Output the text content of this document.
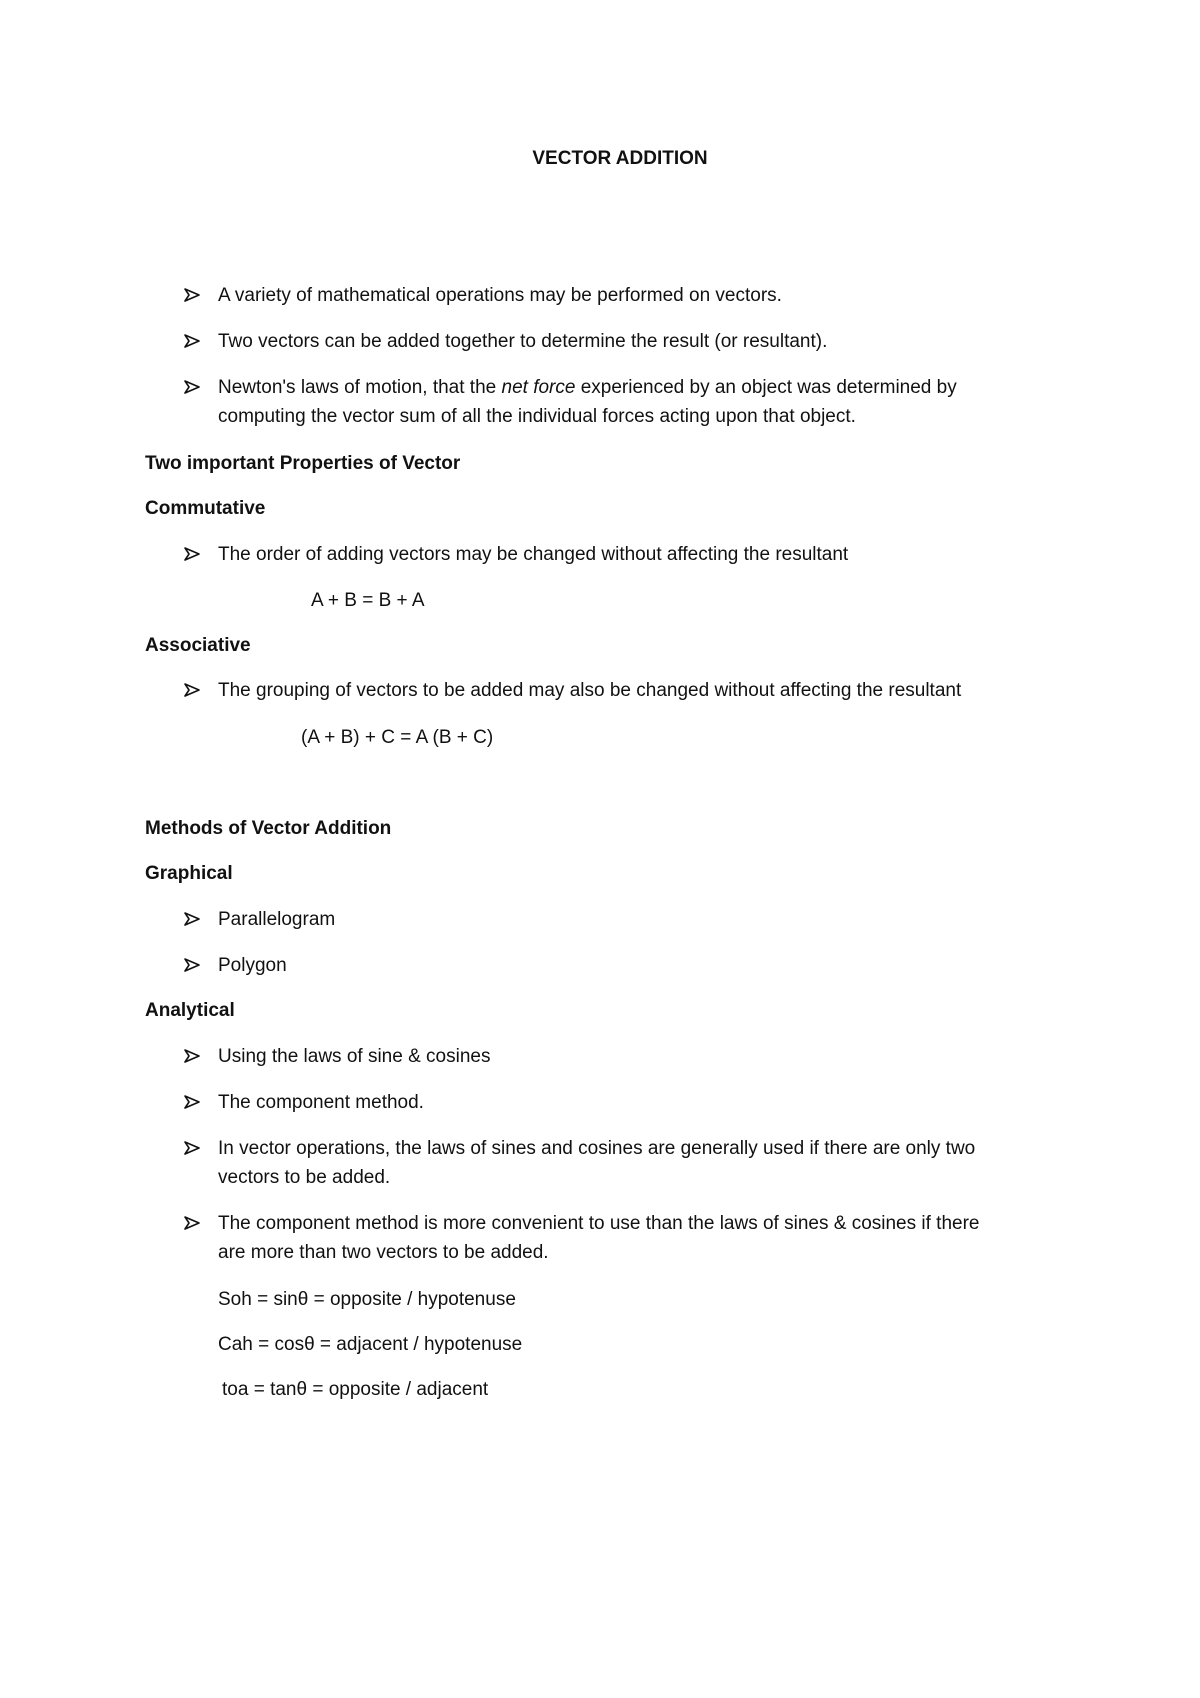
VECTOR ADDITION
A variety of mathematical operations may be performed on vectors.
Two vectors can be added together to determine the result (or resultant).
Newton's laws of motion, that the net force experienced by an object was determined by
computing the vector sum of all the individual forces acting upon that object.
Two important Properties of Vector
Commutative
The order of adding vectors may be changed without affecting the resultant
A + B = B + A
Associative
The grouping of vectors to be added may also be changed without affecting the resultant
(A + B) + C = A (B + C)
Methods of Vector Addition
Graphical
Parallelogram
Polygon
Analytical
Using the laws of sine & cosines
The component method.
In vector operations, the laws of sines and cosines are generally used if there are only two
vectors to be added.
The component method is more convenient to use than the laws of sines & cosines if there
are more than two vectors to be added.
Soh = sinθ = opposite / hypotenuse
Cah = cosθ = adjacent / hypotenuse
toa = tanθ = opposite / adjacent
